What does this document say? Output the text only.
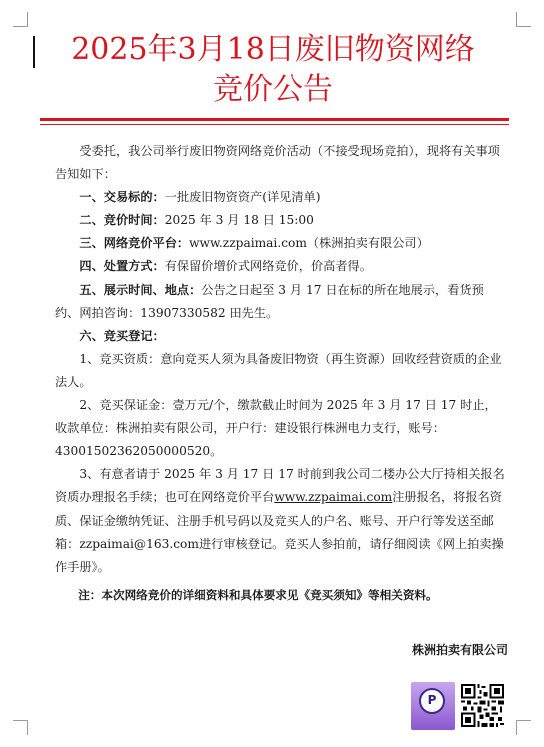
2025年3月18日废旧物资网络
竞价公告

受委托，我公司举行废旧物资网络竞价活动（不接受现场竞拍），现将有关事项告知如下：

一、交易标的：一批废旧物资资产(详见清单)

二、竞价时间：2025 年 3 月 18 日 15:00

三、网络竞价平台：www.zzpaimai.com（株洲拍卖有限公司）

四、处置方式：有保留价增价式网络竞价，价高者得。

五、展示时间、地点：公告之日起至 3 月 17 日在标的所在地展示，看货预约、网拍咨询：13907330582 田先生。

六、竞买登记：

1、竞买资质：意向竞买人须为具备废旧物资（再生资源）回收经营资质的企业法人。

2、竞买保证金：壹万元/个，缴款截止时间为 2025 年 3 月 17 日 17 时止，收款单位：株洲拍卖有限公司，开户行：建设银行株洲电力支行，账号：43001502362050000520。

3、有意者请于 2025 年 3 月 17 日 17 时前到我公司二楼办公大厅持相关报名资质办理报名手续；也可在网络竞价平台www.zzpaimai.com注册报名，将报名资质、保证金缴纳凭证、注册手机号码以及竞买人的户名、账号、开户行等发送至邮箱：zzpaimai@163.com进行审核登记。竞买人参拍前，请仔细阅读《网上拍卖操作手册》。

注：本次网络竞价的详细资料和具体要求见《竞买须知》等相关资料。

株洲拍卖有限公司

P
